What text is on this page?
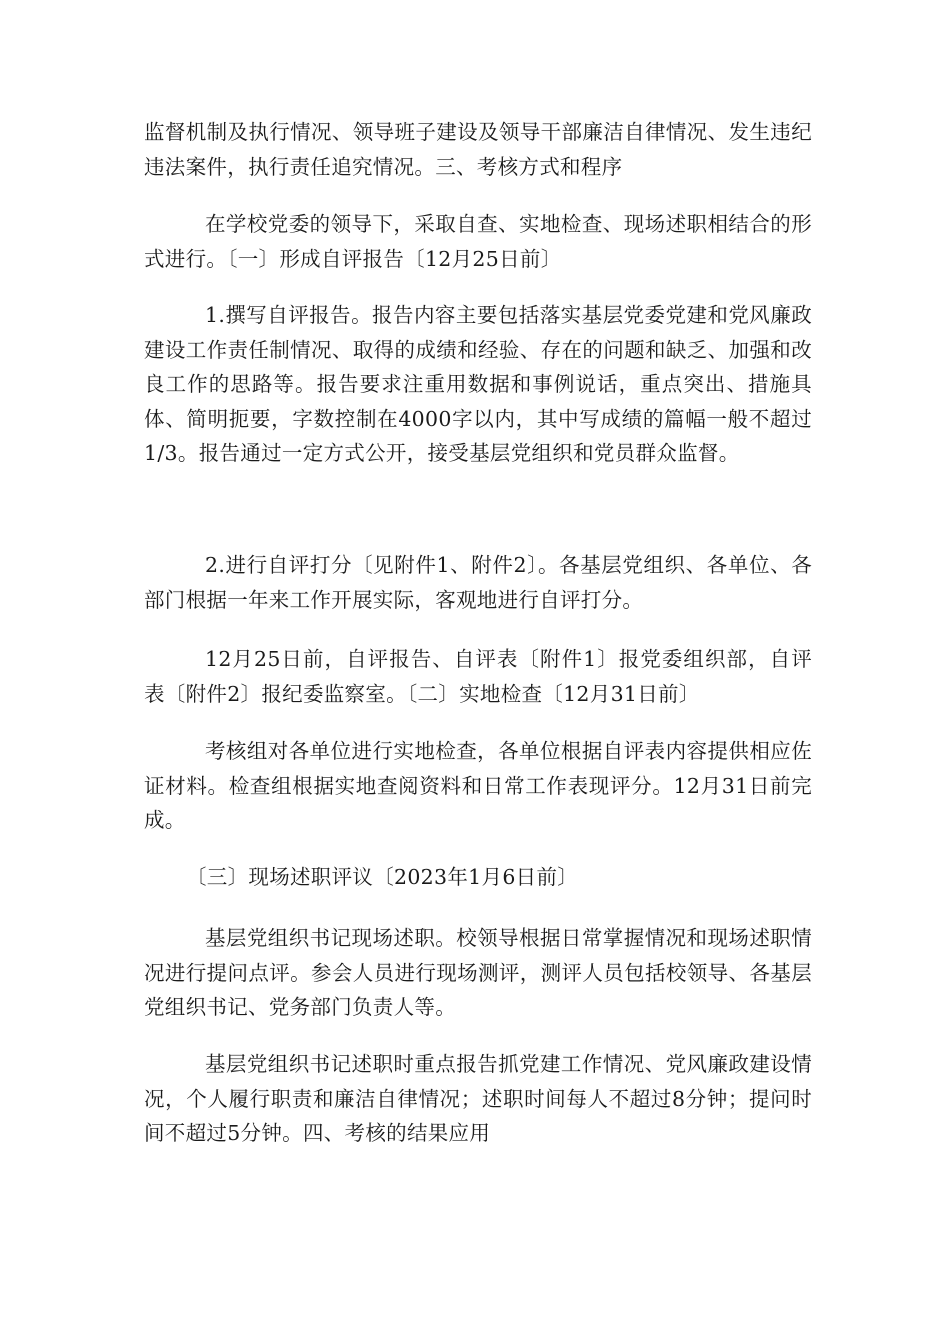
监督机制及执行情况、领导班子建设及领导干部廉洁自律情况、发生违纪违法案件，执行责任追究情况。三、考核方式和程序

在学校党委的领导下，采取自查、实地检查、现场述职相结合的形式进行。〔一〕形成自评报告〔12月25日前〕

1.撰写自评报告。报告内容主要包括落实基层党委党建和党风廉政建设工作责任制情况、取得的成绩和经验、存在的问题和缺乏、加强和改良工作的思路等。报告要求注重用数据和事例说话，重点突出、措施具体、简明扼要，字数控制在4000字以内，其中写成绩的篇幅一般不超过1/3。报告通过一定方式公开，接受基层党组织和党员群众监督。

2.进行自评打分〔见附件1、附件2〕。各基层党组织、各单位、各部门根据一年来工作开展实际，客观地进行自评打分。

12月25日前，自评报告、自评表〔附件1〕报党委组织部，自评表〔附件2〕报纪委监察室。〔二〕实地检查〔12月31日前〕

考核组对各单位进行实地检查，各单位根据自评表内容提供相应佐证材料。检查组根据实地查阅资料和日常工作表现评分。12月31日前完成。

〔三〕现场述职评议〔2023年1月6日前〕

基层党组织书记现场述职。校领导根据日常掌握情况和现场述职情况进行提问点评。参会人员进行现场测评，测评人员包括校领导、各基层党组织书记、党务部门负责人等。

基层党组织书记述职时重点报告抓党建工作情况、党风廉政建设情况，个人履行职责和廉洁自律情况；述职时间每人不超过8分钟；提问时间不超过5分钟。四、考核的结果应用
